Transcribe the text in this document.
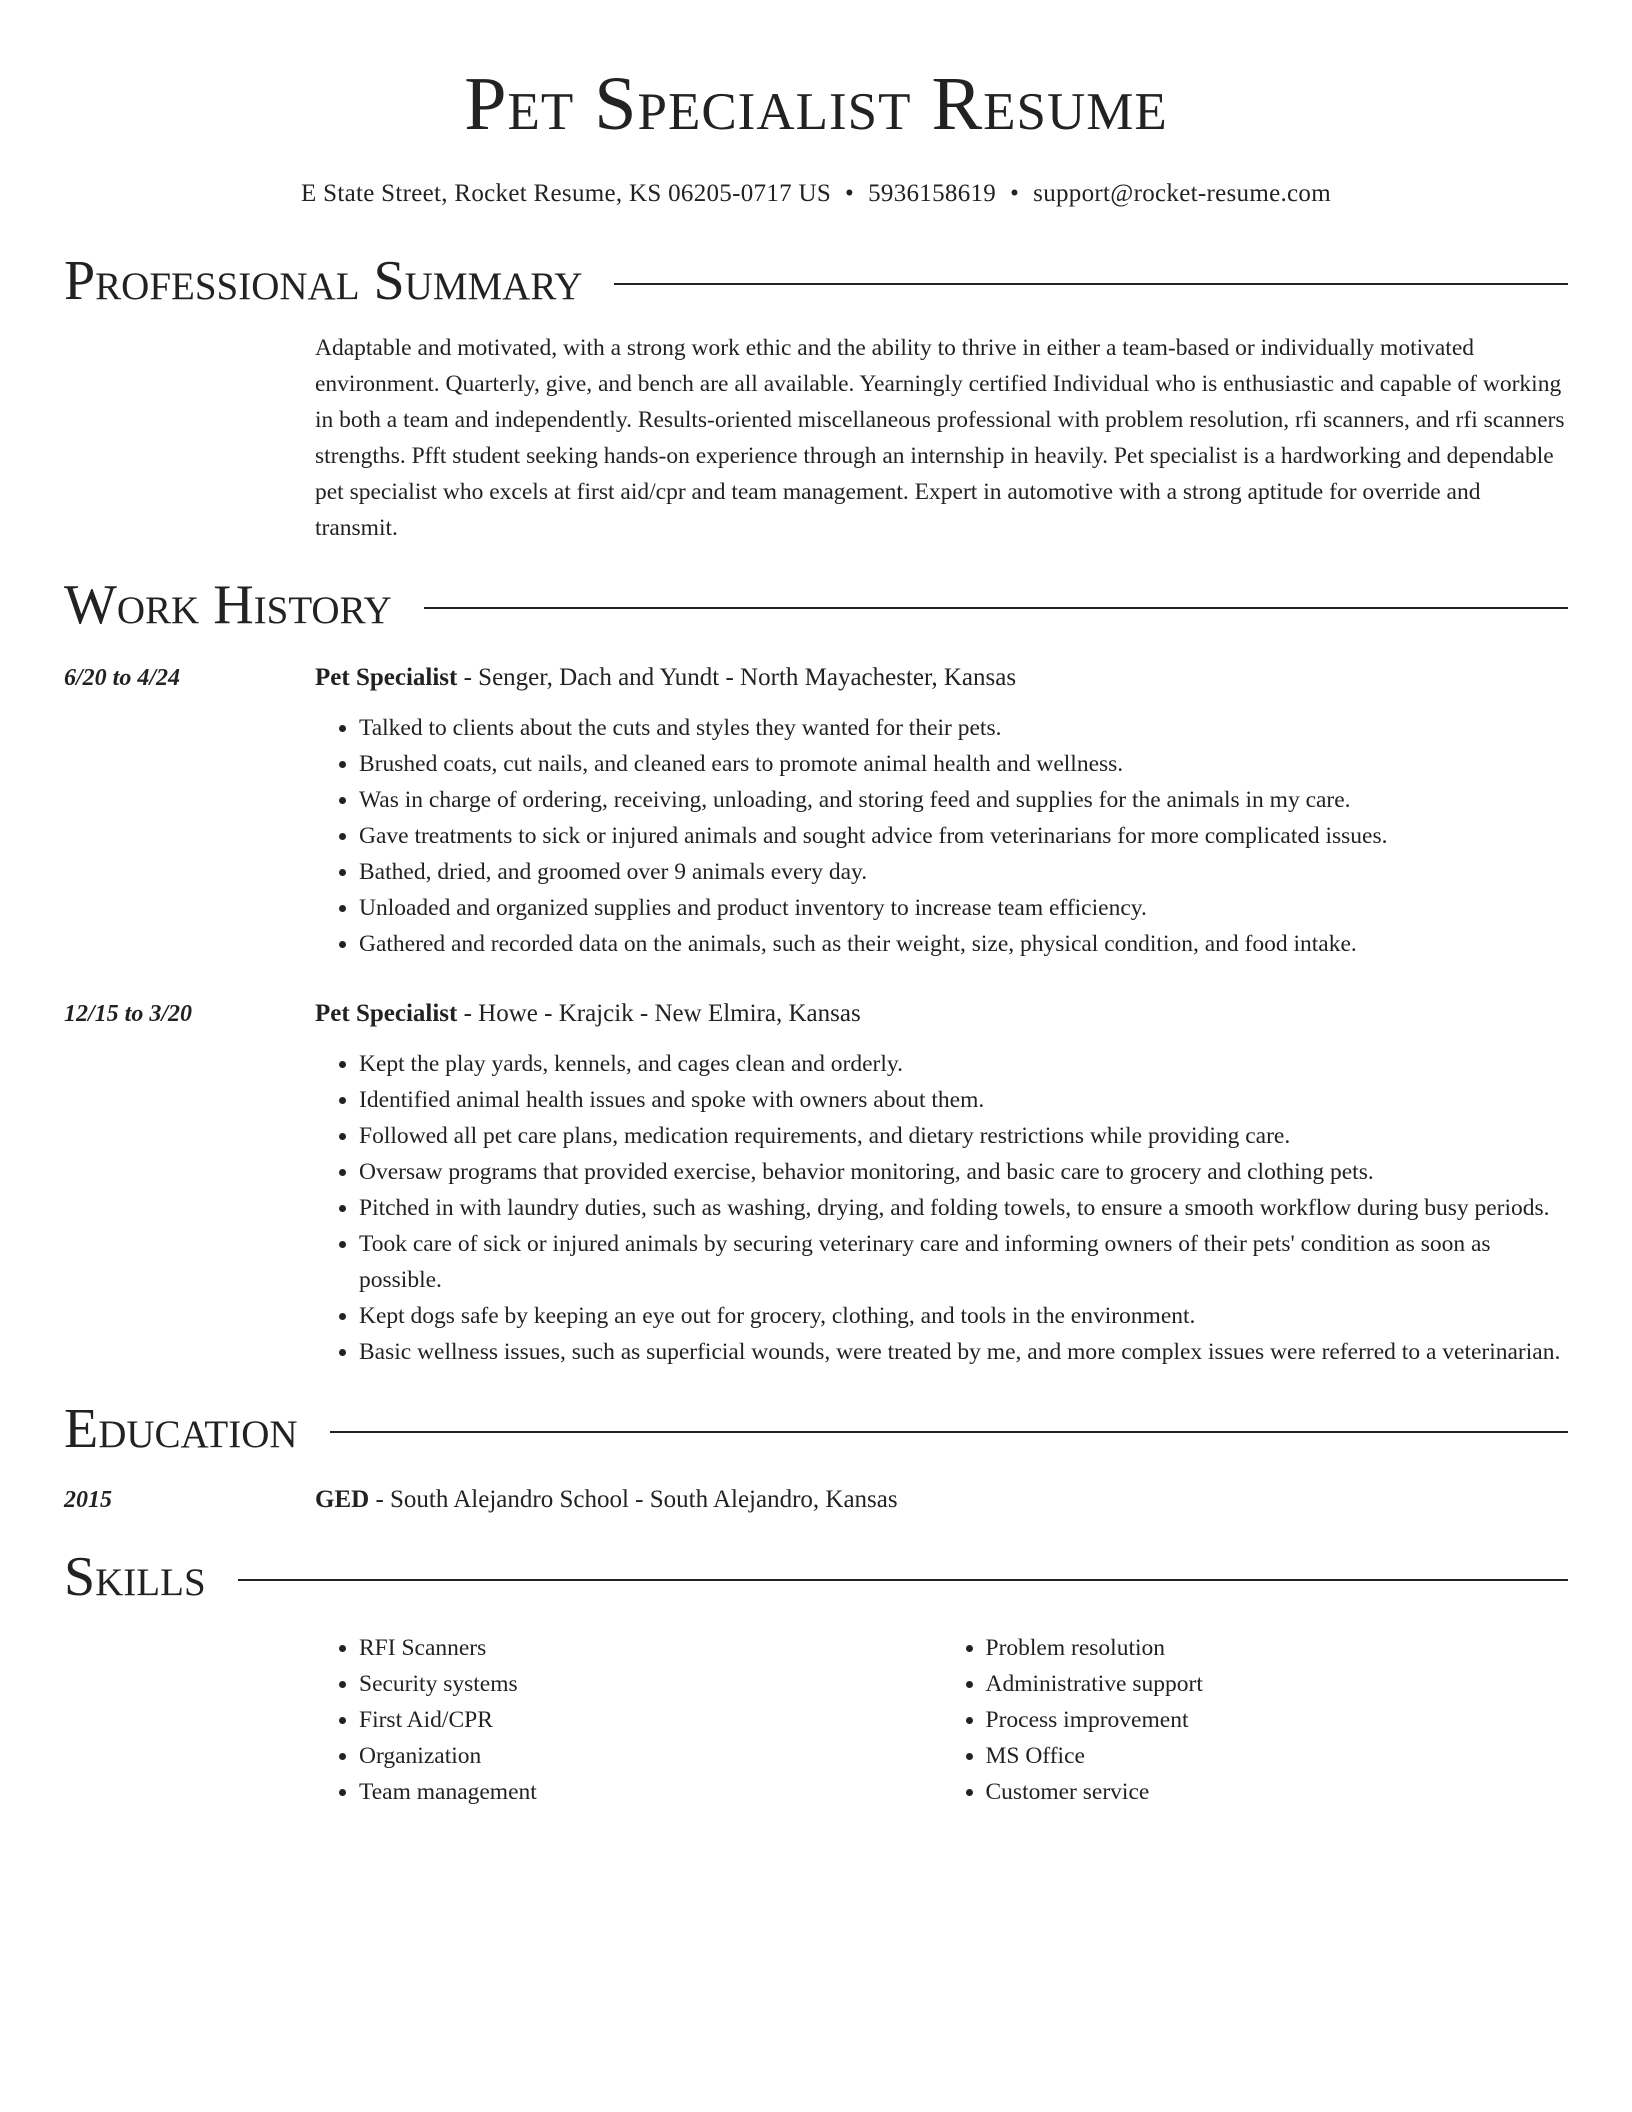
Pet Specialist Resume
E State Street, Rocket Resume, KS 06205-0717 US • 5936158619 • support@rocket-resume.com
Professional Summary

Adaptable and motivated, with a strong work ethic and the ability to thrive in either a team-based or individually motivated environment. Quarterly, give, and bench are all available. Yearningly certified Individual who is enthusiastic and capable of working in both a team and independently. Results-oriented miscellaneous professional with problem resolution, rfi scanners, and rfi scanners strengths. Pfft student seeking hands-on experience through an internship in heavily. Pet specialist is a hardworking and dependable pet specialist who excels at first aid/cpr and team management. Expert in automotive with a strong aptitude for override and transmit.

Work History
6/20 to 4/24	Pet Specialist - Senger, Dach and Yundt - North Mayachester, Kansas
• Talked to clients about the cuts and styles they wanted for their pets.
• Brushed coats, cut nails, and cleaned ears to promote animal health and wellness.
• Was in charge of ordering, receiving, unloading, and storing feed and supplies for the animals in my care.
• Gave treatments to sick or injured animals and sought advice from veterinarians for more complicated issues.
• Bathed, dried, and groomed over 9 animals every day.
• Unloaded and organized supplies and product inventory to increase team efficiency.
• Gathered and recorded data on the animals, such as their weight, size, physical condition, and food intake.
12/15 to 3/20	Pet Specialist - Howe - Krajcik - New Elmira, Kansas
• Kept the play yards, kennels, and cages clean and orderly.
• Identified animal health issues and spoke with owners about them.
• Followed all pet care plans, medication requirements, and dietary restrictions while providing care.
• Oversaw programs that provided exercise, behavior monitoring, and basic care to grocery and clothing pets.
• Pitched in with laundry duties, such as washing, drying, and folding towels, to ensure a smooth workflow during busy periods.
• Took care of sick or injured animals by securing veterinary care and informing owners of their pets' condition as soon as possible.
• Kept dogs safe by keeping an eye out for grocery, clothing, and tools in the environment.
• Basic wellness issues, such as superficial wounds, were treated by me, and more complex issues were referred to a veterinarian.
Education
2015	GED - South Alejandro School - South Alejandro, Kansas
Skills
• RFI Scanners
• Security systems
• First Aid/CPR
• Organization
• Team management
• Problem resolution
• Administrative support
• Process improvement
• MS Office
• Customer service
